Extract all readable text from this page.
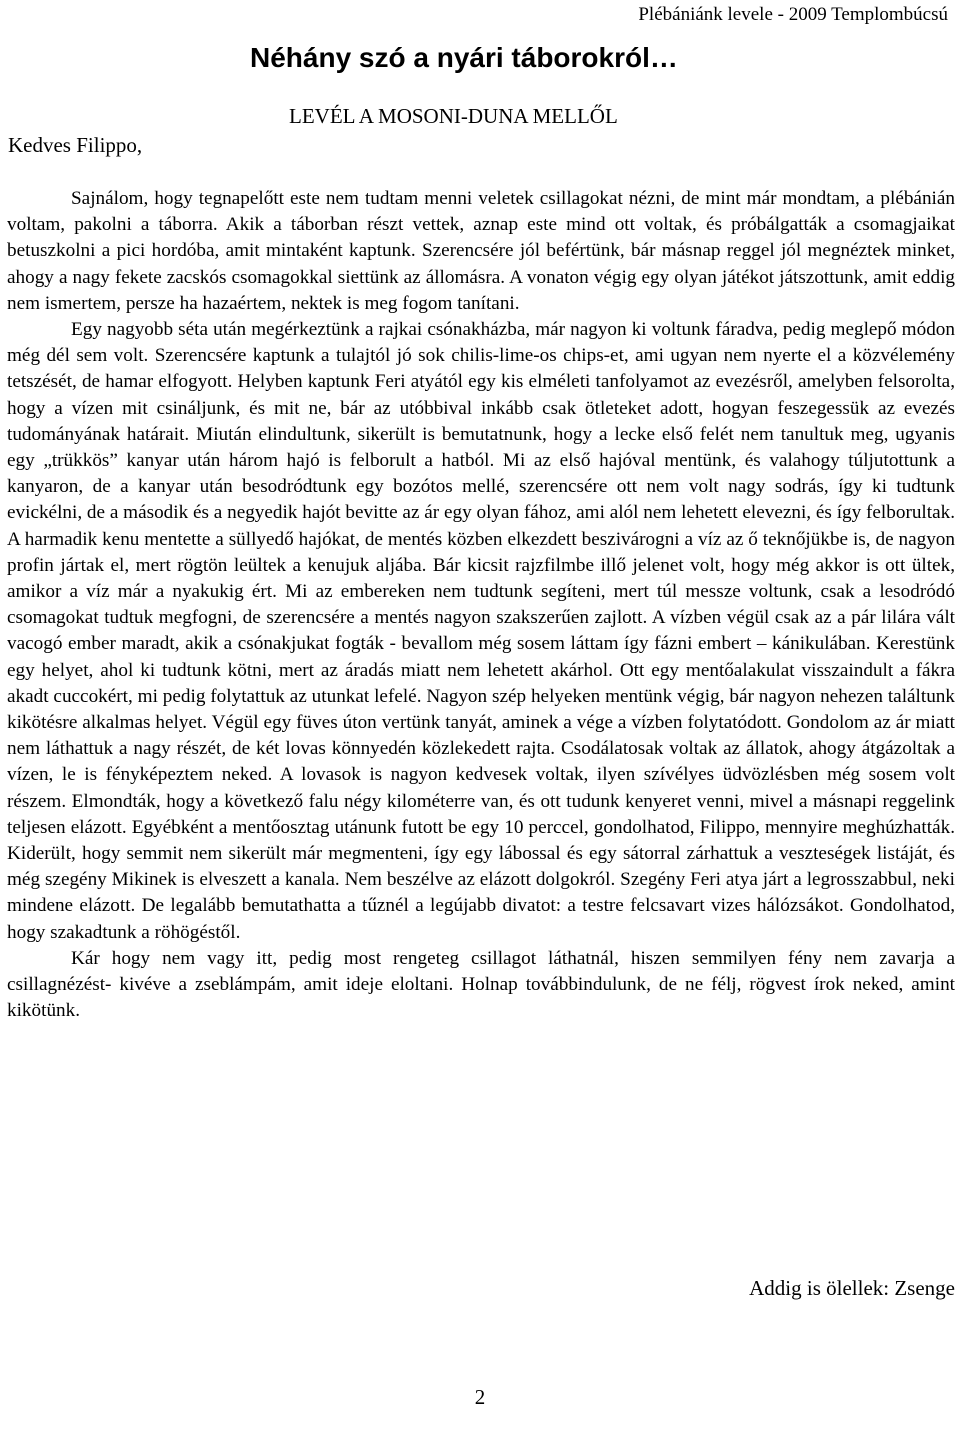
Plébániánk levele - 2009 Templombúcsú
Néhány szó a nyári táborokról…
LEVÉL A MOSONI-DUNA MELLŐL
Kedves Filippo,

Sajnálom, hogy tegnapelőtt este nem tudtam menni veletek csillagokat nézni, de mint már mondtam, a plébánián voltam, pakolni a táborra. Akik a táborban részt vettek, aznap este mind ott voltak, és próbálgatták a csomagjaikat betuszkolni a pici hordóba, amit mintaként kaptunk. Szerencsére jól befértünk, bár másnap reggel jól megnéztek minket, ahogy a nagy fekete zacskós csomagokkal siettünk az állomásra. A vonaton végig egy olyan játékot játszottunk, amit eddig nem ismertem, persze ha hazaértem, nektek is meg fogom tanítani.

Egy nagyobb séta után megérkeztünk a rajkai csónakházba, már nagyon ki voltunk fáradva, pedig meglepő módon még dél sem volt. Szerencsére kaptunk a tulajtól jó sok chilis-lime-os chips-et, ami ugyan nem nyerte el a közvélemény tetszését, de hamar elfogyott. Helyben kaptunk Feri atyától egy kis elméleti tanfolyamot az evezésről, amelyben felsorolta, hogy a vízen mit csináljunk, és mit ne, bár az utóbbival inkább csak ötleteket adott, hogyan feszegessük az evezés tudományának határait. Miután elindultunk, sikerült is bemutatnunk, hogy a lecke első felét nem tanultuk meg, ugyanis egy „trükkös” kanyar után három hajó is felborult a hatból. Mi az első hajóval mentünk, és valahogy túljutottunk a kanyaron, de a kanyar után besodródtunk egy bozótos mellé, szerencsére ott nem volt nagy sodrás, így ki tudtunk evickélni, de a második és a negyedik hajót bevitte az ár egy olyan fához, ami alól nem lehetett elevezni, és így felborultak. A harmadik kenu mentette a süllyedő hajókat, de mentés közben elkezdett beszivárogni a víz az ő teknőjükbe is, de nagyon profin jártak el, mert rögtön leültek a kenujuk aljába. Bár kicsit rajzfilmbe illő jelenet volt, hogy még akkor is ott ültek, amikor a víz már a nyakukig ért. Mi az embereken nem tudtunk segíteni, mert túl messze voltunk, csak a lesodródó csomagokat tudtuk megfogni, de szerencsére a mentés nagyon szakszerűen zajlott. A vízben végül csak az a pár lilára vált vacogó ember maradt, akik a csónakjukat fogták - bevallom még sosem láttam így fázni embert – kánikulában. Kerestünk egy helyet, ahol ki tudtunk kötni, mert az áradás miatt nem lehetett akárhol. Ott egy mentőalakulat visszaindult a fákra akadt cuccokért, mi pedig folytattuk az utunkat lefelé. Nagyon szép helyeken mentünk végig, bár nagyon nehezen találtunk kikötésre alkalmas helyet. Végül egy füves úton vertünk tanyát, aminek a vége a vízben folytatódott. Gondolom az ár miatt nem láthattuk a nagy részét, de két lovas könnyedén közlekedett rajta. Csodálatosak voltak az állatok, ahogy átgázoltak a vízen, le is fényképeztem neked. A lovasok is nagyon kedvesek voltak, ilyen szívélyes üdvözlésben még sosem volt részem. Elmondták, hogy a következő falu négy kilométerre van, és ott tudunk kenyeret venni, mivel a másnapi reggelink teljesen elázott. Egyébként a mentőosztag utánunk futott be egy 10 perccel, gondolhatod, Filippo, mennyire meghúzhatták. Kiderült, hogy semmit nem sikerült már megmenteni, így egy lábossal és egy sátorral zárhattuk a veszteségek listáját, és még szegény Mikinek is elveszett a kanala. Nem beszélve az elázott dolgokról. Szegény Feri atya járt a legrosszabbul, neki mindene elázott. De legalább bemutathatta a tűznél a legújabb divatot: a testre felcsavart vizes hálózsákot. Gondolhatod, hogy szakadtunk a röhögéstől.

Kár hogy nem vagy itt, pedig most rengeteg csillagot láthatnál, hiszen semmilyen fény nem zavarja a csillagnézést- kivéve a zseblámpám, amit ideje eloltani. Holnap továbbindulunk, de ne félj, rögvest írok neked, amint kikötünk.

Addig is ölellek: Zsenge
2
